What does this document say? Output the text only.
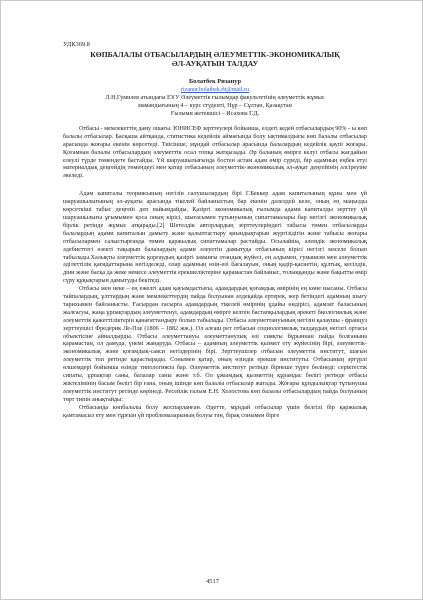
УДК369.8
КӨПБАЛАЛЫ ОТБАСЫЛАРДЫҢ ӘЛЕУМЕТТІК-ЭКОНОМИКАЛЫҚ
ӘЛ-АУҚАТЫН ТАЛДАУ
Болатбек Ризанур
rizanur.bolatbek.rb@mail.ru
Л.Н.Гумилев атындағы ЕҰУ Әлеуметтік ғылымдар факультетінің әлеуметтік жұмыс
мамандығының 4 – курс студенті, Нұр – Сұлтан, Қазақстан
Ғылыми жетекшісі – Исахова Г.Д.

Отбасы - мемлекеттің даму ошағы. ЮНИСЕФ зерттеулері бойынша, елдегі кедей отбасылардың 90% - ы көп балалы отбасылар. Басқаша айтқанда, статистика кедейлік аймағында болу ықтималдығы көп балалы отбасылар арасында жоғары екенін көрсетеді. Тиісінше, мұндай отбасылар арасында балалардың кедейлік қаупі жоғары. Қоғамнан балалы отбасылардың әлеуметтік осал топқа жатқызады. Әр баланың өмірге келуі отбасы жағдайын елеулі түрде төмендете бастайды. Үй шаруашылығында бостен астам адам өмір сүреді, бір адамның еңбек етуі материалдық деңгейдің төмендеуі мен қатар отбасының әлеуметтік-экономикалық әл-ауқат деңгейінің әлсіреуіне әкеледі.

Адам капиталы теориясының негізін салушылардың бірі Г.Беккер адам капиталының құны мен үй шаруашылығының әл-ауқаты арасында тікелей байланыстың бар екенін дәлелдей келе, оның ең маңызды көрсеткіші табыс деңгейі деп пайымдайды. Қазіргі экономикалық ғылымда адами капиталды зерттеу үй шаруашылығы ұғымымен қоса оның кірісі, шығасымен тұтынуының сипаттамалары бар негізгі экономикалық бірлік ретінде жұмыс атқарады.[2] Шетелдік авторлардың зерттеулеріндегі табысы төмен отбасыларды балалардың адами капиталын дамыту және қалыптастыру қиындықтарын жүргізідігін және табысы жоғары отбасылармен салыстырғанда төмен қаржылық сипаттамалар растайды. Осылайша, әлемдік экономикалық әдебиеттегі өзекті тақырып балалардың адами әлеуетін дамытуда отбасының кірісі негізгі мәселе болып табылады.Халықты әлеуметтік қорғаудың қазіргі заманғы отандық жүйесі, ең алдымен, гуманизм мен әлеуметтік әділеттілік қағидаттарына негізделеді, олар адамның өзін-өзі бағалауын, оның қадір-қасиетін, құлтық, кесілдік, діни және басқа да жеке немесе әлеуметтік ерекшеліктеріне қарамастан байланыс, толыққанды және бақытты өмір сүру құқықтарын дамытуды бекітеді.

Отбасы мен неке – ең ежелгі адам қауымдастығы, адамдардың қоғамдық өмірінің ең көне нысаны. Отбасы тайпалардың, ұлттардың және мемлекеттердің пайда болуынан әлдеқайда ертерек, жер бетіндегі адамның шығу тарихымен байланысты. Ғасырдан ғасырға адамдардың тікелей өмірінің ұдайы өндірісі, адамзат баласының жалғасуы, жаңа ұрпақтардың әлеуметтенуі, адамдардың өмірге келген бастапқылардың әрекеті биологиялық және әлеуметтік қажеттіліктерін қанағаттандыру болып табылады. Отбасы әлеуметтануының негізін қалаушы - француз зерттеушісі Фредерик Ле-Пле (1806 – 1882 жж.). Ол алғаш рет отбасын социологиялық талдаудың негізгі ортасы объектісіне айналдырды. Отбасы әлеуметтануы әлеуметтанулық өзі сияқты бұрыннан пайда болғанына қарамастан, ол дамуда, үнемі жаңаруда. Отбасы – адамның әлеуметтік қызмет ету жүйесінің бірі, әлеуметтік-экономикалық және қоғамдық-саяси негіздерінің бірі. Зерттеушілер отбасын әлеуметтік институт, шағын әлеуметтік топ ретінде қарастырады. Сонымен қатар, оның өзіндік ерекше институты. Отбасының әртүрлі өлшемдері бойынша өзінде типологиясы бар. Әлеуметтік институт ретінде бірнеше түрге бөлінеді: серіктестік сипаты, ұрпақтар саны, балалар саны және т.б. Ол ұжымдық қызметтің құрамдас бөлігі ретінде отбасы жіктелімінің басым бөлігі бір ғана, оның ішінде көп балалы отбасылар жатады. Жоғары құндылықтар тұтынушы әлеуметтік институт ретінде көрінеді. Ресейлік ғалым Е.Н. Холостова көп балалы отбасылардың пайда болуының төрт типін анықтайды:

Отбасында көпбалалы болу жоспарланған. Әдетте, мұндай отбасылар үшін белгілі бір қаржылық қамтамасыз ету мен тұрғын үй проблемаларының болуы тән, бірақ сонымен бірге

4517
